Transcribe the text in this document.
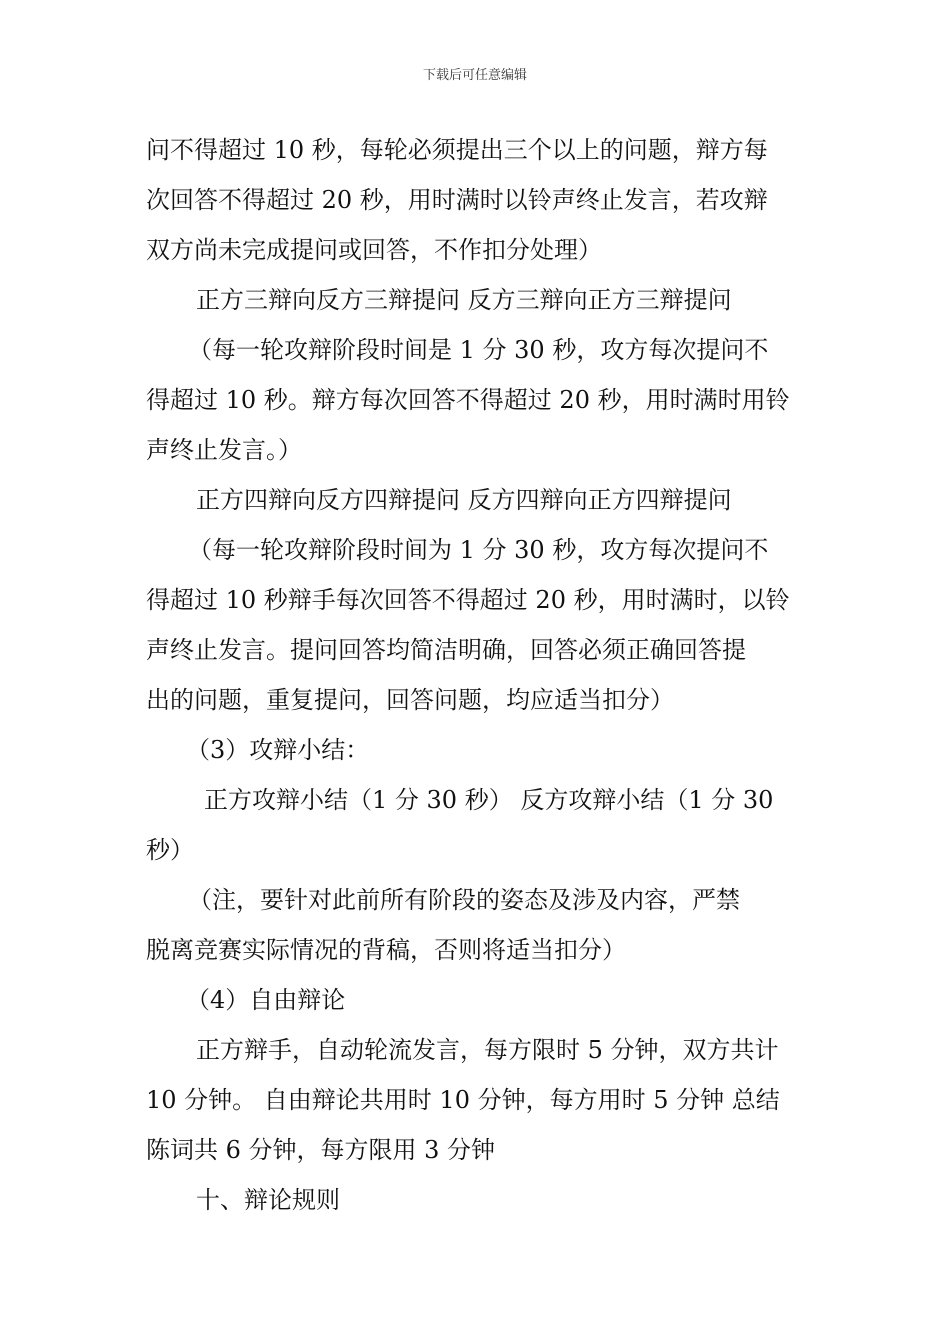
下载后可任意编辑
问不得超过 10 秒，每轮必须提出三个以上的问题，辩方每
次回答不得超过 20 秒，用时满时以铃声终止发言，若攻辩
双方尚未完成提问或回答，不作扣分处理）
正方三辩向反方三辩提问 反方三辩向正方三辩提问
（每一轮攻辩阶段时间是 1 分 30 秒，攻方每次提问不
得超过 10 秒。辩方每次回答不得超过 20 秒，用时满时用铃
声终止发言。）
正方四辩向反方四辩提问 反方四辩向正方四辩提问
（每一轮攻辩阶段时间为 1 分 30 秒，攻方每次提问不
得超过 10 秒辩手每次回答不得超过 20 秒，用时满时，以铃
声终止发言。提问回答均简洁明确，回答必须正确回答提
出的问题，重复提问，回答问题，均应适当扣分）
（3）攻辩小结：
正方攻辩小结（1 分 30 秒） 反方攻辩小结（1 分 30
秒）
（注，要针对此前所有阶段的姿态及涉及内容，严禁
脱离竞赛实际情况的背稿，否则将适当扣分）
（4）自由辩论
正方辩手，自动轮流发言，每方限时 5 分钟，双方共计
10 分钟。 自由辩论共用时 10 分钟，每方用时 5 分钟 总结
陈词共 6 分钟，每方限用 3 分钟
十、辩论规则
